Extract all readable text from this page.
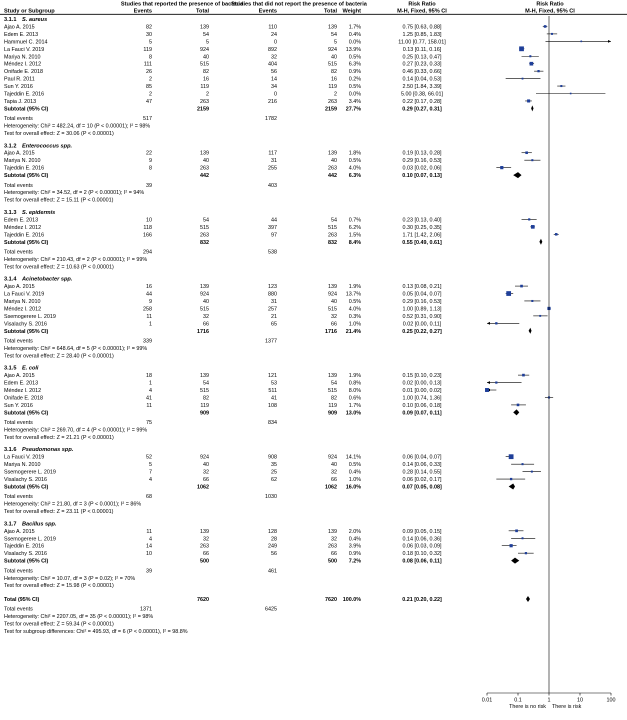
Studies that reported the presence of bacteria
Studies that did not report the presence of bacteria	Risk Ratio	Risk Ratio
Study or Subgroup	Events	Total	Events	Total Weight	M-H, Fixed, 95% CI	M-H, Fixed, 95% CI
3.1.1 S. aureus
Ajao A. 2015	82	139	110	139 1.7%	0.75 [0.63, 0.88]
Edem E. 2013	30	54	24	54 0.4%	1.25 [0.85, 1.83]
Hammuel C. 2014	5	5	0	5 0.0%	11.00 [0.77, 158.01]
La Fauci V. 2019	119	924	892	924 13.9%	0.13 [0.11, 0.16]
Mariya N. 2010	8	40	32	40 0.5%	0.25 [0.13, 0.47]
Méndez I. 2012	111	515	404	515 6.3%	0.27 [0.23, 0.33]
Onifade E. 2018	26	82	56	82 0.9%	0.46 [0.33, 0.66]
Paul R. 2011	2	16	14	16 0.2%	0.14 [0.04, 0.53]
Sun Y. 2016	85	119	34	119 0.5%	2.50 [1.84, 3.39]
Tajeddin E. 2016	2	2	0	2 0.0%	5.00 [0.38, 66.01]
Tapia J. 2013	47	263	216	263 3.4%	0.22 [0.17, 0.28]
Subtotal (95% CI)	2159	2159 27.7%	0.29 [0.27, 0.31]
Total events	517	1782
Heterogeneity: Chi² = 482.24, df = 10 (P < 0.00001); I² = 98%
Test for overall effect: Z = 30.06 (P < 0.00001)
3.1.2 Enterococcus spp.
Ajao A. 2015	22	139	117	139 1.8%	0.19 [0.13, 0.28]
Mariya N. 2010	9	40	31	40 0.5%	0.29 [0.16, 0.53]
Tajeddin E. 2016	8	263	255	263 4.0%	0.03 [0.02, 0.06]
Subtotal (95% CI)	442	442 6.3%	0.10 [0.07, 0.13]
Total events	39	403
Heterogeneity: Chi² = 34.52, df = 2 (P < 0.00001); I² = 94%
Test for overall effect: Z = 15.11 (P < 0.00001)
3.1.3 S. epidermis
Edem E. 2013	10	54	44	54 0.7%	0.23 [0.13, 0.40]
Méndez I. 2012	118	515	397	515 6.2%	0.30 [0.25, 0.35]
Tajeddin E. 2016	166	263	97	263 1.5%	1.71 [1.42, 2.06]
Subtotal (95% CI)	832	832 8.4%	0.55 [0.49, 0.61]
Total events	294	538
Heterogeneity: Chi² = 210.43, df = 2 (P < 0.00001); I² = 99%
Test for overall effect: Z = 10.63 (P < 0.00001)
3.1.4 Acinetobacter spp.
Ajao A. 2015	16	139	123	139 1.9%	0.13 [0.08, 0.21]
La Fauci V. 2019	44	924	880	924 13.7%	0.05 [0.04, 0.07]
Mariya N. 2010	9	40	31	40 0.5%	0.29 [0.16, 0.53]
Méndez I. 2012	258	515	257	515 4.0%	1.00 [0.89, 1.13]
Ssemogerere L. 2019	11	32	21	32 0.3%	0.52 [0.31, 0.90]
Visalachy S. 2016	1	66	65	66 1.0%	0.02 [0.00, 0.11]
Subtotal (95% CI)	1716	1716 21.4%	0.25 [0.22, 0.27]
Total events	339	1377
Heterogeneity: Chi² = 648.64, df = 5 (P < 0.00001); I² = 99%
Test for overall effect: Z = 28.40 (P < 0.00001)
3.1.5 E. coli
Ajao A. 2015	18	139	121	139 1.9%	0.15 [0.10, 0.23]
Edem E. 2013	1	54	53	54 0.8%	0.02 [0.00, 0.13]
Méndez I. 2012	4	515	511	515 8.0%	0.01 [0.00, 0.02]
Onifade E. 2018	41	82	41	82 0.6%	1.00 [0.74, 1.36]
Sun Y. 2016	11	119	108	119 1.7%	0.10 [0.06, 0.18]
Subtotal (95% CI)	909	909 13.0%	0.09 [0.07, 0.11]
Total events	75	834
Heterogeneity: Chi² = 269.70, df = 4 (P < 0.00001); I² = 99%
Test for overall effect: Z = 21.21 (P < 0.00001)
3.1.6 Pseudomonas spp.
La Fauci V. 2019	52	924	908	924 14.1%	0.06 [0.04, 0.07]
Mariya N. 2010	5	40	35	40 0.5%	0.14 [0.06, 0.33]
Ssemogerere L. 2019	7	32	25	32 0.4%	0.28 [0.14, 0.55]
Visalachy S. 2016	4	66	62	66 1.0%	0.06 [0.02, 0.17]
Subtotal (95% CI)	1062	1062 16.0%	0.07 [0.05, 0.08]
Total events	68	1030
Heterogeneity: Chi² = 21.80, df = 3 (P < 0.0001); I² = 86%
Test for overall effect: Z = 23.11 (P < 0.00001)
3.1.7 Bacillus spp.
Ajao A. 2015	11	139	128	139 2.0%	0.09 [0.05, 0.15]
Ssemogerere L. 2019	4	32	28	32 0.4%	0.14 [0.06, 0.36]
Tajeddin E. 2016	14	263	249	263 3.9%	0.06 [0.03, 0.09]
Visalachy S. 2016	10	66	56	66 0.9%	0.18 [0.10, 0.32]
Subtotal (95% CI)	500	500 7.2%	0.08 [0.06, 0.11]
Total events	39	461
Heterogeneity: Chi² = 10.07, df = 3 (P = 0.02); I² = 70%
Test for overall effect: Z = 15.98 (P < 0.00001)
Total (95% CI)	7620	7620 100.0%	0.21 [0.20, 0.22]
Total events	1371	6425
Heterogeneity: Chi² = 2207.05, df = 35 (P < 0.00001); I² = 98%
Test for overall effect: Z = 59.34 (P < 0.00001)
Test for subgroup differences: Chi² = 495.93, df = 6 (P < 0.00001), I² = 98.8%
0.01	0.1	1	10	100
There is no risk There is risk
